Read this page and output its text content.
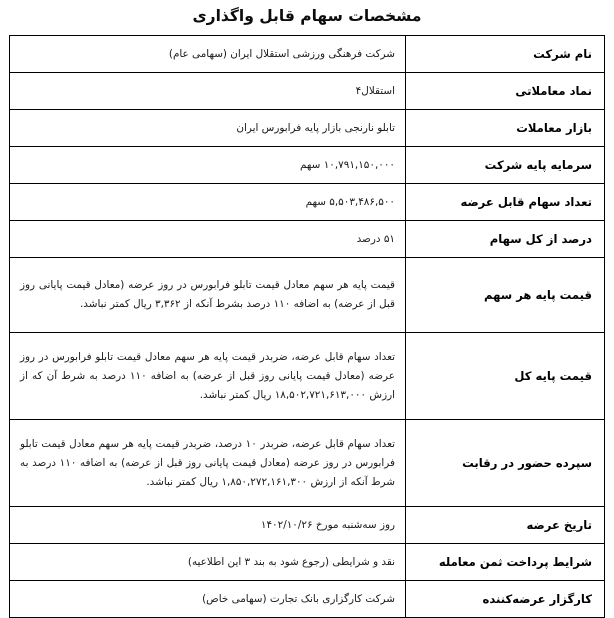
مشخصات سهام قابل واگذاری
نام شرکت	شرکت فرهنگی ورزشی استقلال ایران (سهامی عام)
نماد معاملاتی	استقلال۴
بازار معاملات	تابلو نارنجی بازار پایه فرابورس ایران
سرمایه پایه شرکت	۱۰,۷۹۱,۱۵۰,۰۰۰ سهم
تعداد سهام قابل عرضه	۵,۵۰۳,۴۸۶,۵۰۰ سهم
درصد از کل سهام	۵۱ درصد
قیمت پایه هر سهم	قیمت پایه هر سهم معادل قیمت تابلو فرابورس در روز عرضه (معادل قیمت پایانی روز قبل از عرضه) به اضافه ۱۱۰ درصد بشرط آنکه از ۳,۳۶۲ ریال کمتر نباشد.
قیمت پایه کل	تعداد سهام قابل عرضه، ضربدر قیمت پایه هر سهم معادل قیمت تابلو فرابورس در روز عرضه (معادل قیمت پایانی روز قبل از عرضه) به اضافه ۱۱۰ درصد به شرط آن که از ارزش ۱۸,۵۰۲,۷۲۱,۶۱۳,۰۰۰ ریال کمتر نباشد.
سپرده حضور در رقابت	تعداد سهام قابل عرضه، ضربدر ۱۰ درصد، ضربدر قیمت پایه هر سهم معادل قیمت تابلو فرابورس در روز عرضه (معادل قیمت پایانی روز قبل از عرضه) به اضافه ۱۱۰ درصد به شرط آنکه از ارزش ۱,۸۵۰,۲۷۲,۱۶۱,۳۰۰ ریال کمتر نباشد.
تاریخ عرضه	روز سه‌شنبه مورخ ۱۴۰۲/۱۰/۲۶
شرایط پرداخت ثمن معامله	نقد و شرایطی (رجوع شود به بند ۳ این اطلاعیه)
کارگزار عرضه‌کننده	شرکت کارگزاری بانک تجارت (سهامی خاص)
